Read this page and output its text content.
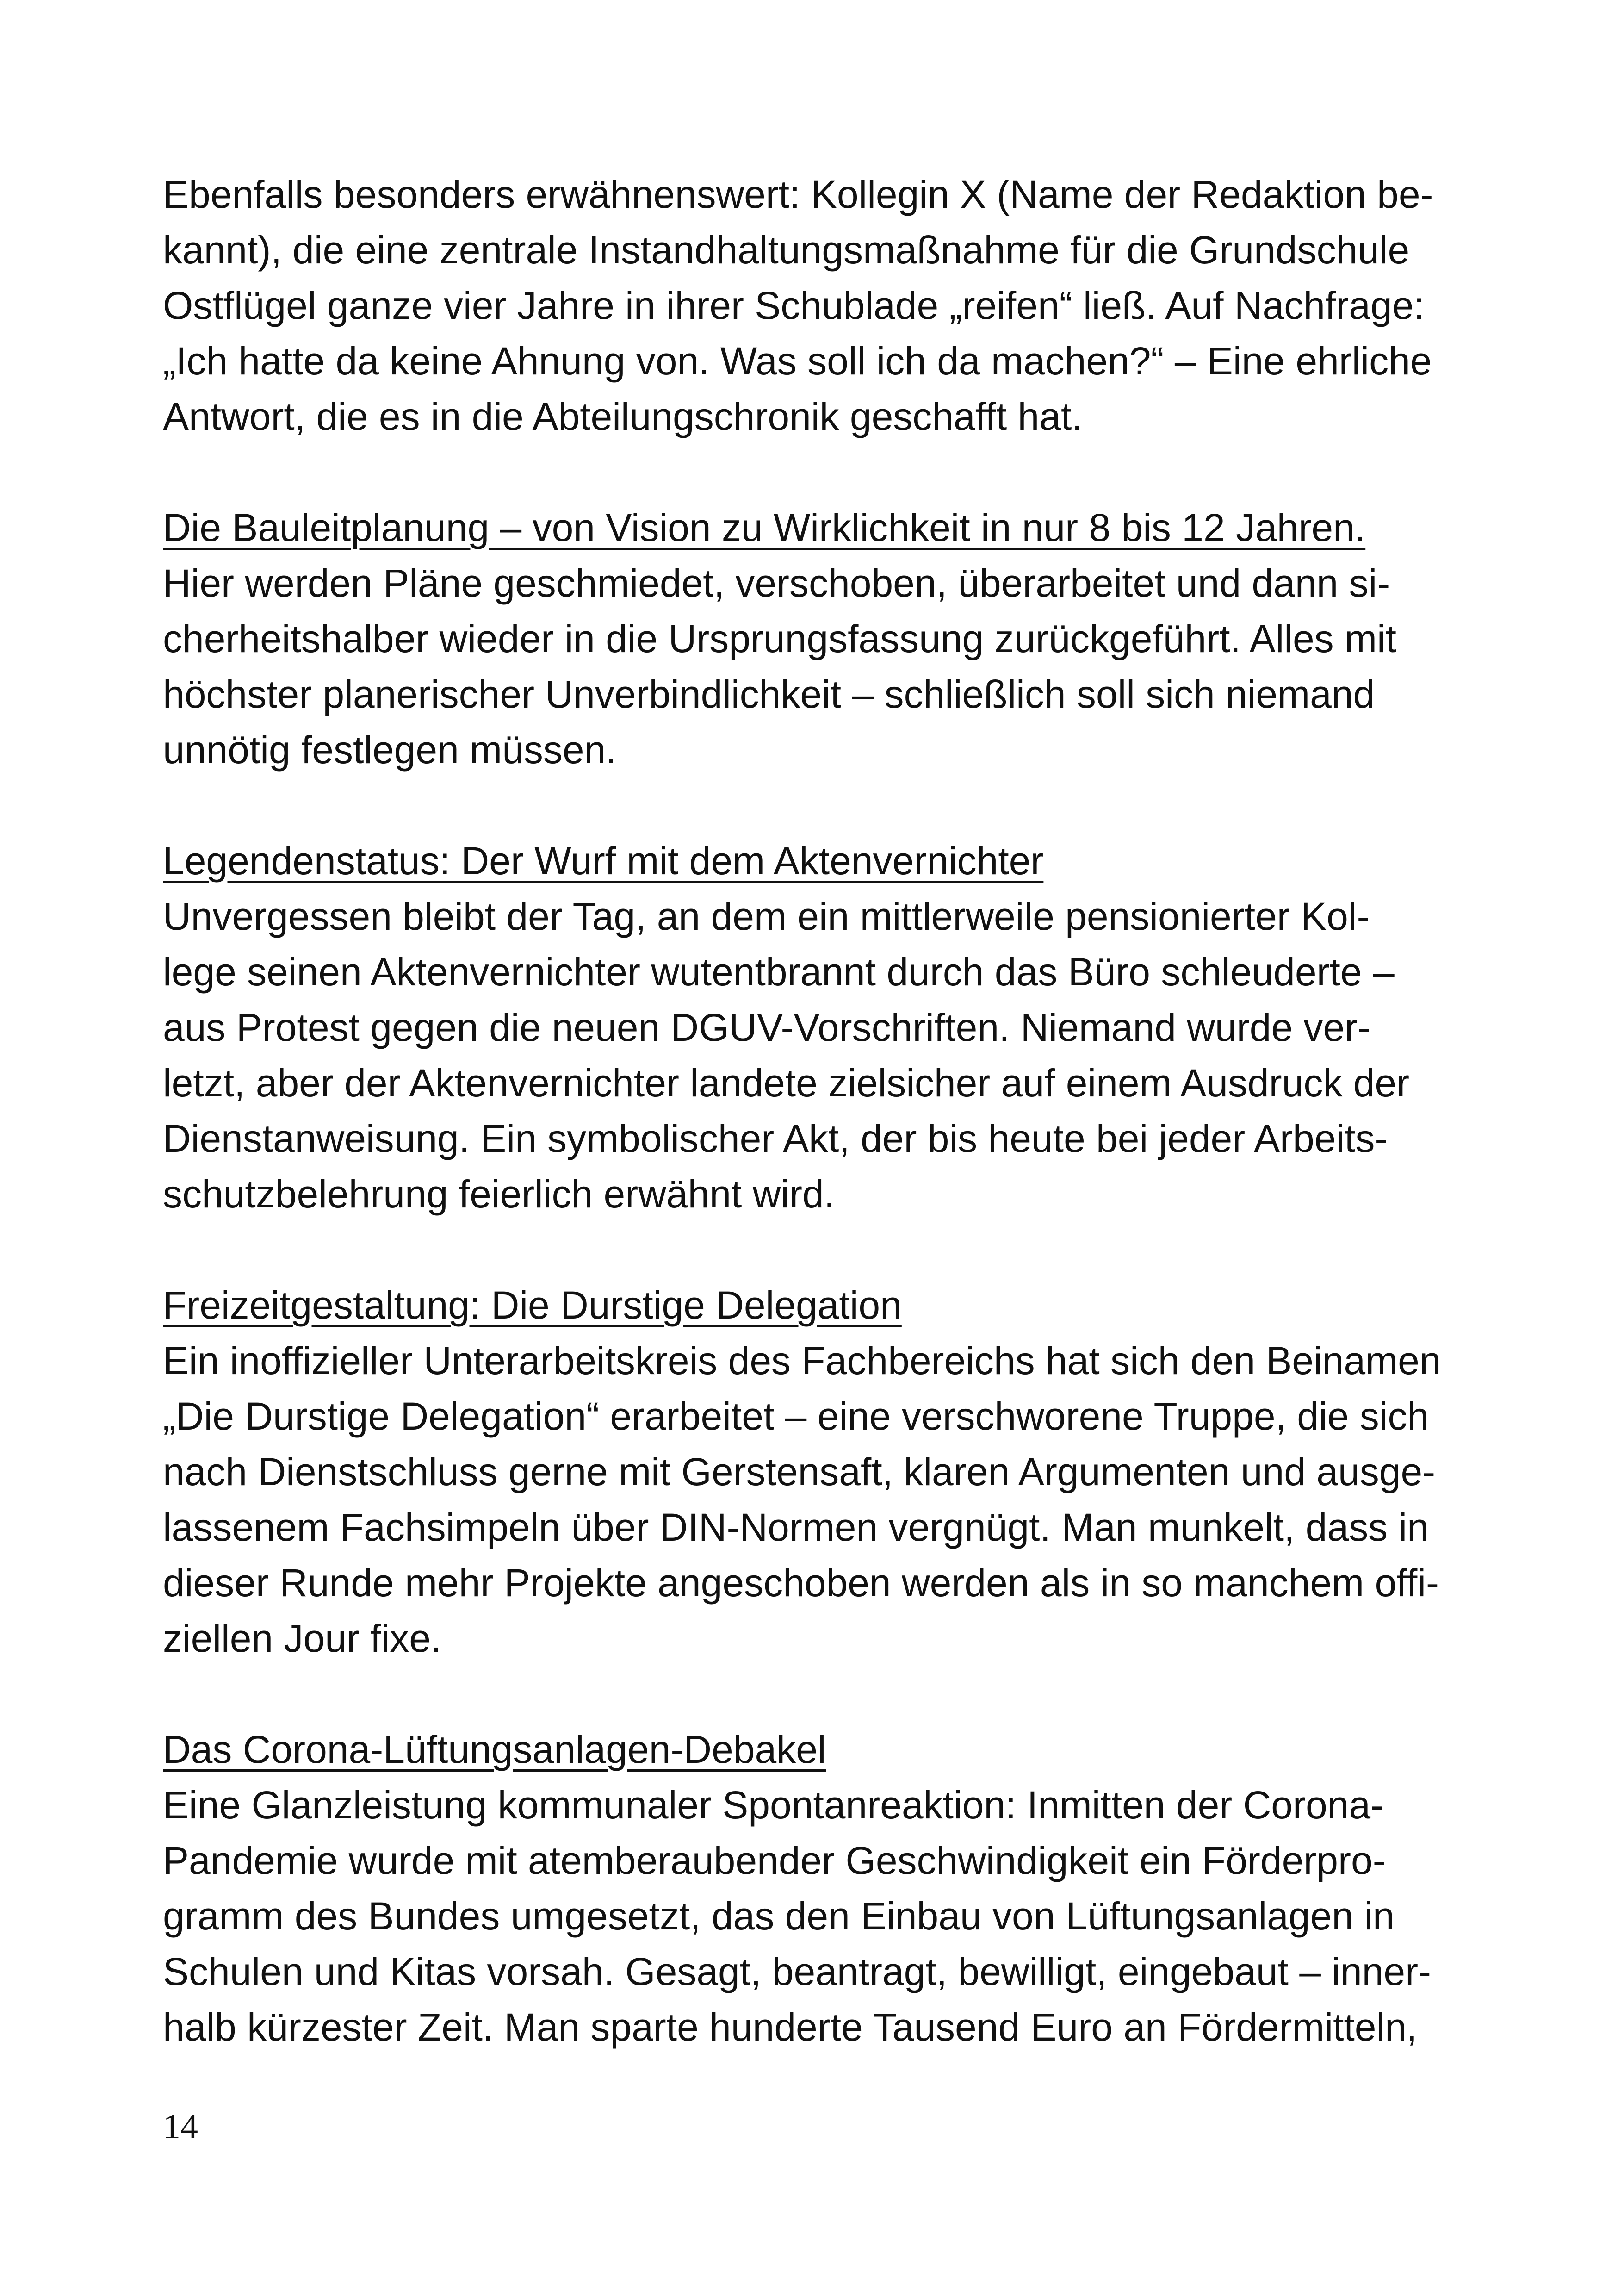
Ebenfalls besonders erwähnenswert: Kollegin X (Name der Redaktion be-
kannt), die eine zentrale Instandhaltungsmaßnahme für die Grundschule
Ostflügel ganze vier Jahre in ihrer Schublade „reifen“ ließ. Auf Nachfrage:
„Ich hatte da keine Ahnung von. Was soll ich da machen?“ – Eine ehrliche
Antwort, die es in die Abteilungschronik geschafft hat.
Die Bauleitplanung – von Vision zu Wirklichkeit in nur 8 bis 12 Jahren.
Hier werden Pläne geschmiedet, verschoben, überarbeitet und dann si-
cherheitshalber wieder in die Ursprungsfassung zurückgeführt. Alles mit
höchster planerischer Unverbindlichkeit – schließlich soll sich niemand
unnötig festlegen müssen.
Legendenstatus: Der Wurf mit dem Aktenvernichter
Unvergessen bleibt der Tag, an dem ein mittlerweile pensionierter Kol-
lege seinen Aktenvernichter wutentbrannt durch das Büro schleuderte –
aus Protest gegen die neuen DGUV-Vorschriften. Niemand wurde ver-
letzt, aber der Aktenvernichter landete zielsicher auf einem Ausdruck der
Dienstanweisung. Ein symbolischer Akt, der bis heute bei jeder Arbeits-
schutzbelehrung feierlich erwähnt wird.
Freizeitgestaltung: Die Durstige Delegation
Ein inoffizieller Unterarbeitskreis des Fachbereichs hat sich den Beinamen
„Die Durstige Delegation“ erarbeitet – eine verschworene Truppe, die sich
nach Dienstschluss gerne mit Gerstensaft, klaren Argumenten und ausge-
lassenem Fachsimpeln über DIN-Normen vergnügt. Man munkelt, dass in
dieser Runde mehr Projekte angeschoben werden als in so manchem offi-
ziellen Jour fixe.
Das Corona-Lüftungsanlagen-Debakel
Eine Glanzleistung kommunaler Spontanreaktion: Inmitten der Corona-
Pandemie wurde mit atemberaubender Geschwindigkeit ein Förderpro-
gramm des Bundes umgesetzt, das den Einbau von Lüftungsanlagen in
Schulen und Kitas vorsah. Gesagt, beantragt, bewilligt, eingebaut – inner-
halb kürzester Zeit. Man sparte hunderte Tausend Euro an Fördermitteln,
14
